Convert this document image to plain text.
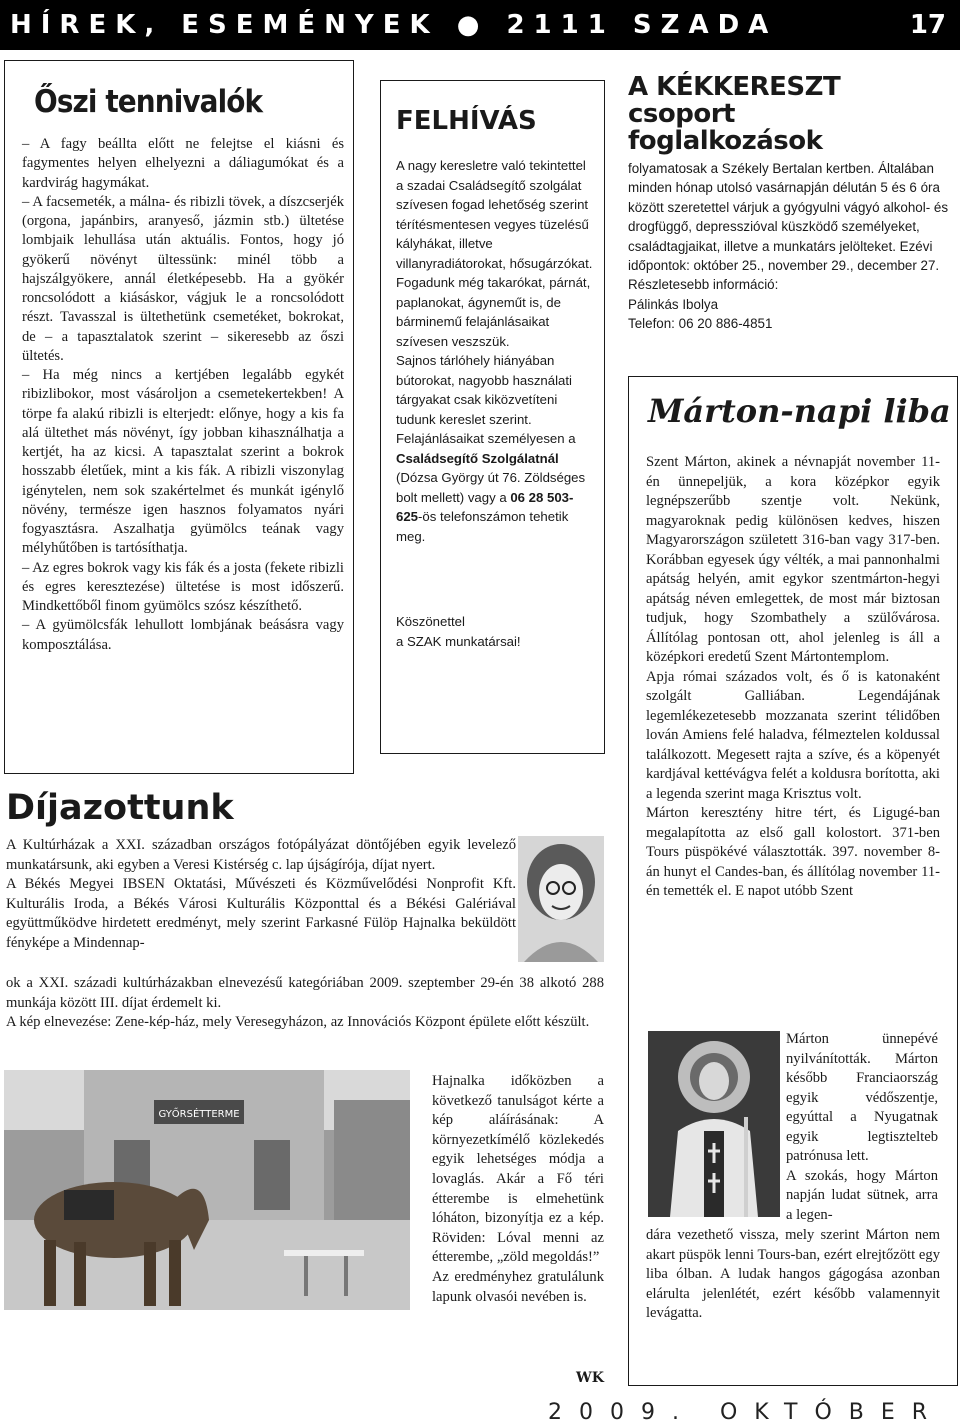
HÍREK, ESEMÉNYEK ● 2111 SZADA	17
Őszi tennivalók
– A fagy beállta előtt ne felejtse el kiásni és fagymentes helyen elhelyezni a dáliagumókat és a kardvirág hagymákat.
– A facsemeték, a málna- és ribizli tövek, a díszcserjék (orgona, japánbirs, aranyeső, jázmin stb.) ültetése lombjaik lehullása után aktuális. Fontos, hogy jó gyökerű növényt ültessünk: minél több a hajszálgyökere, annál életképesebb. Ha a gyökér roncsolódott a kiásáskor, vágjuk le a roncsolódott részt. Tavasszal is ültethetünk csemetéket, bokrokat, de – a tapasztalatok szerint – sikeresebb az őszi ültetés.
– Ha még nincs a kertjében legalább egykét ribizlibokor, most vásároljon a csemetekertekben! A törpe fa alakú ribizli is elterjedt: előnye, hogy a kis fa alá ültethet más növényt, így jobban kihasználhatja a kertjét, ha az kicsi. A tapasztalat szerint a bokrok hosszabb életűek, mint a kis fák. A ribizli viszonylag igénytelen, nem sok szakértelmet és munkát igénylő növény, természe igen hasznos folyamatos nyári fogyasztásra. Aszalhatja gyümölcs teának vagy mélyhűtőben is tartósíthatja.
– Az egres bokrok vagy kis fák és a josta (fekete ribizli és egres keresztezése) ültetése is most időszerű. Mindkettőből finom gyümölcs szósz készíthető.
– A gyümölcsfák lehullott lombjának beásásra vagy komposztálása.
FELHÍVÁS
A nagy keresletre való tekintettel a szadai Családsegítő szolgálat szívesen fogad lehetőség szerint térítésmentesen vegyes tüzelésű kályhákat, illetve villanyradiátorokat, hősugárzókat.
Fogadunk még takarókat, párnát, paplanokat, ágyneműt is, de bárminemű felajánlásaikat szívesen veszszük.
Sajnos tárlóhely hiányában bútorokat, nagyobb használati tárgyakat csak kiközvetíteni tudunk kereslet szerint.
Felajánlásaikat személyesen a Családsegítő Szolgálatnál (Dózsa György út 76. Zöldséges bolt mellett) vagy a 06 28 503-625-ös telefonszámon tehetik meg.
Köszönettel
a SZAK munkatársai!
A KÉKKERESZT
csoport
foglalkozások
folyamatosak a Székely Bertalan kertben. Általában minden hónap utolsó vasárnapján délután 5 és 6 óra között szeretettel várjuk a gyógyulni vágyó alkohol- és drogfüggő, depresszióval küszködő személyeket, családtagjaikat, illetve a munkatárs jelölteket. Ezévi időpontok: október 25., november 29., december 27.
Részletesebb információ:
Pálinkás Ibolya
Telefon: 06 20 886-4851
Márton-napi liba
Szent Márton, akinek a névnapját november 11-én ünnepeljük, a kora középkor egyik legnépszerűbb szentje volt. Nekünk, magyaroknak pedig különösen kedves, hiszen Magyarországon született 316-ban vagy 317-ben. Korábban egyesek úgy vélték, a mai pannonhalmi apátság helyén, amit egykor szentmárton-hegyi apátság néven emlegettek, de most már biztosan tudjuk, hogy Szombathely a szülővárosa. Állítólag pontosan ott, ahol jelenleg is áll a középkori eredetű Szent Mártontemplom.
Apja római százados volt, és ő is katonaként szolgált Galliában. Legendájának legemlékezetesebb mozzanata szerint télidőben lován Amiens felé haladva, félmeztelen koldussal találkozott. Megesett rajta a szíve, és a köpenyét kardjával kettévágva felét a koldusra borította, aki a legenda szerint maga Krisztus volt.
Márton keresztény hitre tért, és Ligugé-ban megalapította az első gall kolostort. 371-ben Tours püspökévé választották. 397. november 8-án hunyt el Candes-ban, és állítólag november 11-én temették el. E napot utóbb Szent
Márton ünnepévé nyilvánították. Márton később Franciaország egyik védőszentje, egyúttal a Nyugatnak egyik legtisztelteb patrónusa lett.
A szokás, hogy Márton napján ludat sütnek, arra a legen-
dára vezethető vissza, mely szerint Márton nem akart püspök lenni Tours-ban, ezért elrejtőzött egy liba ólban. A ludak hangos gágogása azonban elárulta jelenlétét, ezért később valamennyit levágatta.
Díjazottunk
A Kultúrházak a XXI. században országos fotópályázat döntőjében egyik levelező munkatársunk, aki egyben a Veresi Kistérség c. lap újságírója, díjat nyert.
A Békés Megyei IBSEN Oktatási, Művészeti és Közművelődési Nonprofit Kft. Kulturális Iroda, a Békés Városi Kulturális Központtal és a Békési Galériával együttműködve hirdetett eredményt, mely szerint Farkasné Fülöp Hajnalka beküldött fényképe a Mindennap-
ok a XXI. századi kultúrházakban elnevezésű kategóriában 2009. szeptember 29-én 38 alkotó 288 munkája között III. díjat érdemelt ki.
A kép elnevezése: Zene-kép-ház, mely Veresegyházon, az Innovációs Központ épülete előtt készült.
GYŐRSÉTTERME
Hajnalka időközben a következő tanulságot kérte a kép aláírásának: A környezetkímélő közlekedés egyik lehetséges módja a lovaglás. Akár a Fő téri étterembe is elmehetünk lóháton, bizonyítja ez a kép. Röviden: Lóval menni az étterembe, „zöld megoldás!”
Az eredményhez gratulálunk lapunk olvasói nevében is.
WK
2009. OKTÓBER
